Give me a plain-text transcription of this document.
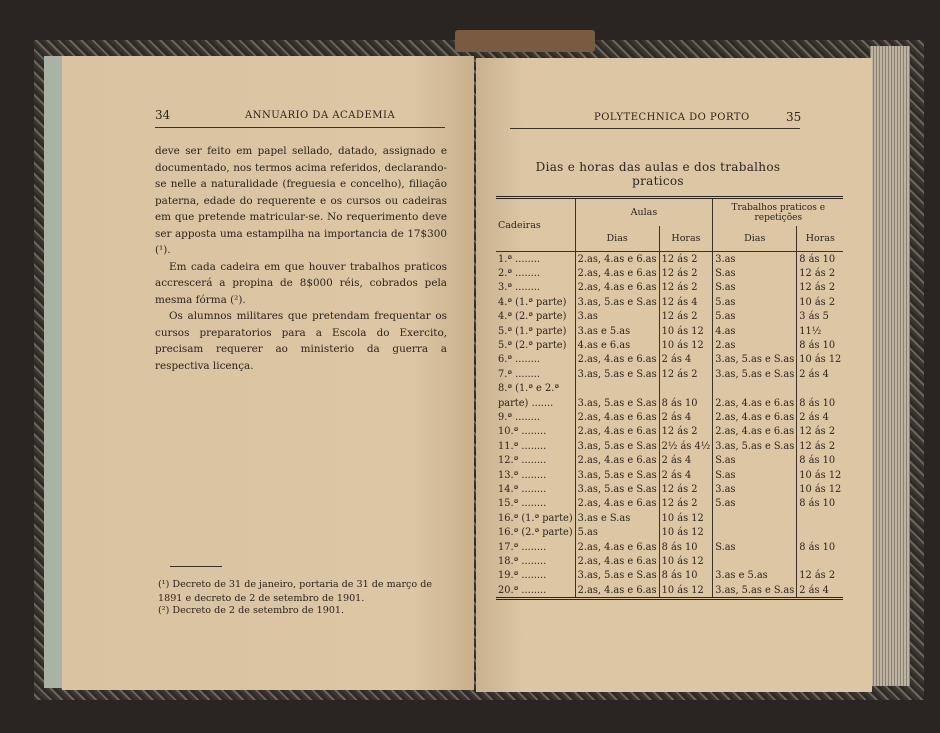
34	ANNUARIO DA ACADEMIA

deve ser feito em papel sellado, datado, assignado e documentado, nos termos acima referidos, declarando-se nelle a naturalidade (freguesia e concelho), filiação paterna, edade do requerente e os cursos ou cadeiras em que pretende matricular-se. No requerimento deve ser apposta uma estampilha na importancia de 17$300 (¹).

Em cada cadeira em que houver trabalhos praticos accrescerá a propina de 8$000 réis, cobrados pela mesma fórma (²).

Os alumnos militares que pretendam frequentar os cursos preparatorios para a Escola do Exercito, precisam requerer ao ministerio da guerra a respectiva licença.

(¹) Decreto de 31 de janeiro, portaria de 31 de março de 1891 e decreto de 2 de setembro de 1901.
(²) Decreto de 2 de setembro de 1901.
POLYTECHNICA DO PORTO	35
Dias e horas das aulas e dos trabalhos praticos
Cadeiras	Aulas		Trabalhos praticos e repetições	
	Dias	Horas	Dias	Horas
1.ª ........	2.as, 4.as e 6.as	12 ás 2	3.as	8 ás 10
2.ª ........	2.as, 4.as e 6.as	12 ás 2	S.as	12 ás 2
3.ª ........	2.as, 4.as e 6.as	12 ás 2	S.as	12 ás 2
4.ª (1.ª parte)	3.as, 5.as e S.as	12 ás 4	5.as	10 ás 2
4.ª (2.ª parte)	3.as	12 ás 2	5.as	3 ás 5
5.ª (1.ª parte)	3.as e 5.as	10 ás 12	4.as	11½
5.ª (2.ª parte)	4.as e 6.as	10 ás 12	2.as	8 ás 10
6.ª ........	2.as, 4.as e 6.as	2 ás 4	3.as, 5.as e S.as	10 ás 12
7.ª ........	3.as, 5.as e S.as	12 ás 2	3.as, 5.as e S.as	2 ás 4
8.ª (1.ª e 2.ª				
parte) .......	3.as, 5.as e S.as	8 ás 10	2.as, 4.as e 6.as	8 ás 10
9.ª ........	2.as, 4.as e 6.as	2 ás 4	2.as, 4.as e 6.as	2 ás 4
10.ª ........	2.as, 4.as e 6.as	12 ás 2	2.as, 4.as e 6.as	12 ás 2
11.ª ........	3.as, 5.as e S.as	2½ ás 4½	3.as, 5.as e S.as	12 ás 2
12.ª ........	2.as, 4.as e 6.as	2 ás 4	S.as	8 ás 10
13.ª ........	3.as, 5.as e S.as	2 ás 4	S.as	10 ás 12
14.ª ........	3.as, 5.as e S.as	12 ás 2	3.as	10 ás 12
15.ª ........	2.as, 4.as e 6.as	12 ás 2	5.as	8 ás 10
16.ª (1.ª parte)	3.as e S.as	10 ás 12		
16.ª (2.ª parte)	5.as	10 ás 12		
17.ª ........	2.as, 4.as e 6.as	8 ás 10	S.as	8 ás 10
18.ª ........	2.as, 4.as e 6.as	10 ás 12		
19.ª ........	3.as, 5.as e S.as	8 ás 10	3.as e 5.as	12 ás 2
20.ª ........	2.as, 4.as e 6.as	10 ás 12	3.as, 5.as e S.as	2 ás 4
